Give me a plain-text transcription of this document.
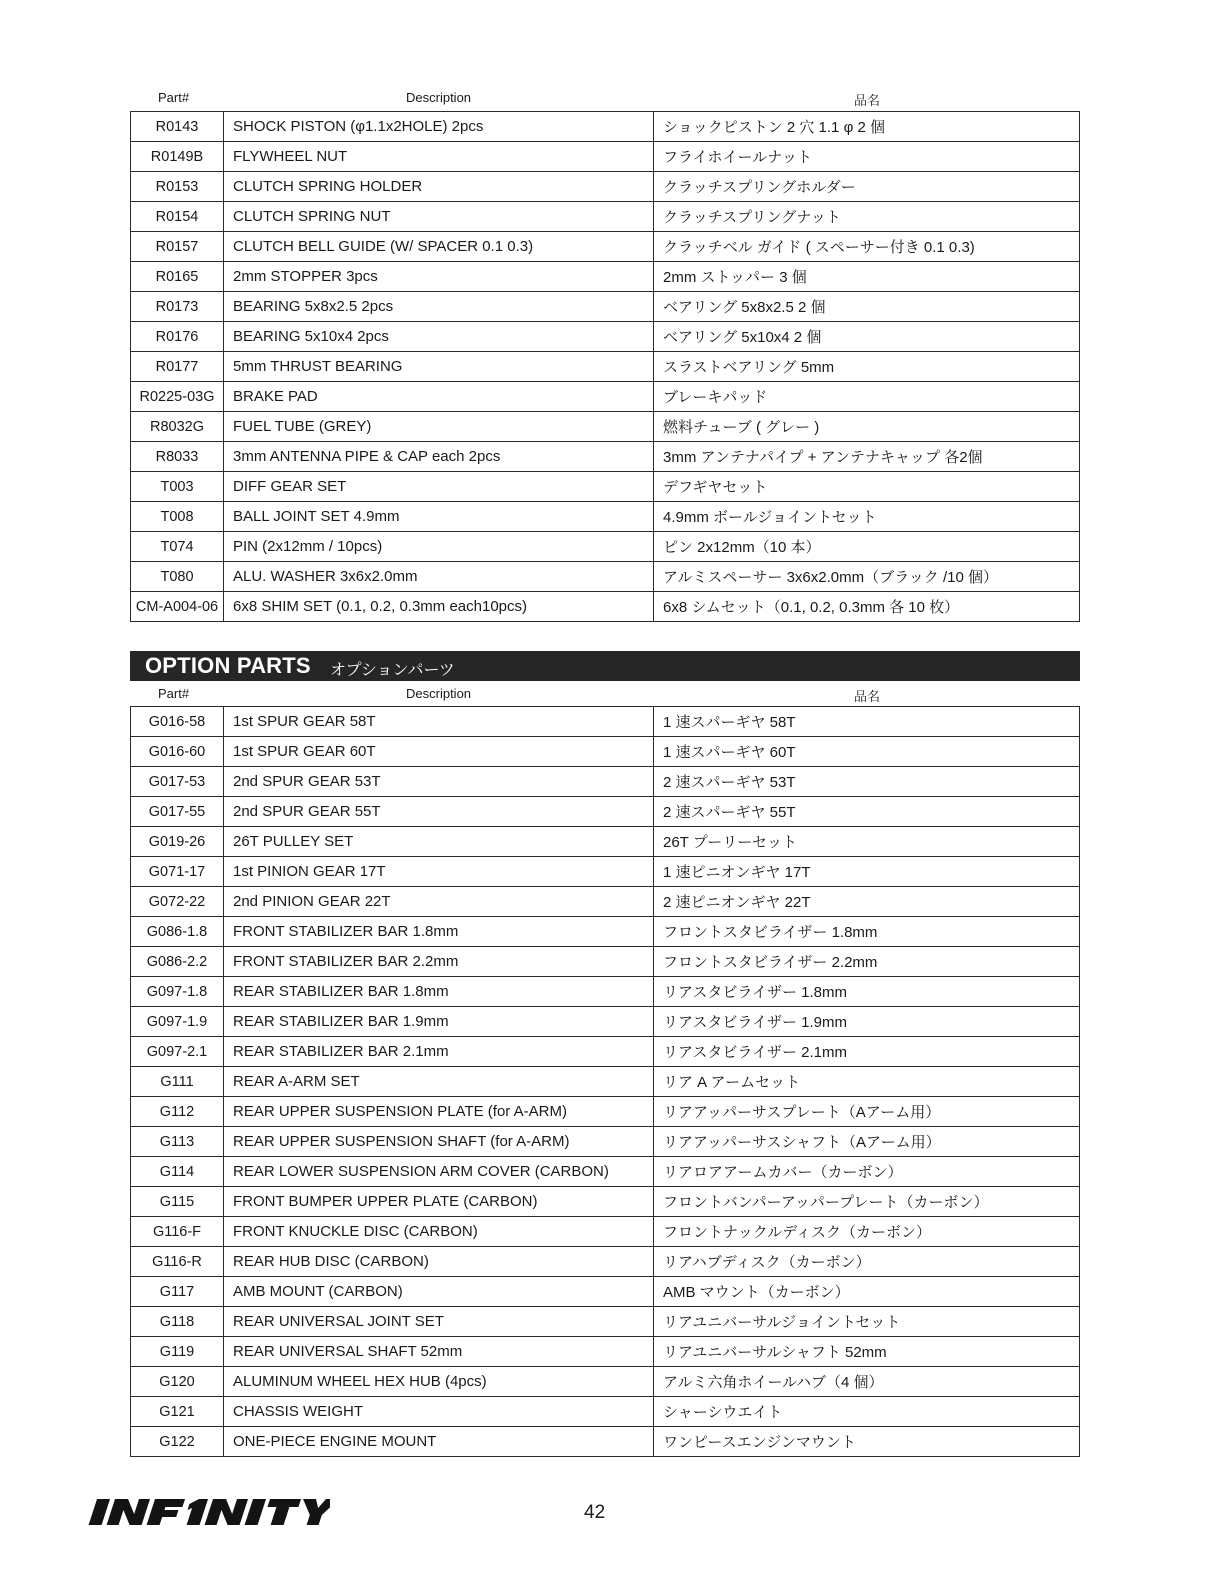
Part#	Description	品名
R0143	SHOCK PISTON (φ1.1x2HOLE) 2pcs	ショックピストン 2 穴 1.1 φ 2 個
R0149B	FLYWHEEL NUT	フライホイールナット
R0153	CLUTCH SPRING HOLDER	クラッチスプリングホルダー
R0154	CLUTCH SPRING NUT	クラッチスプリングナット
R0157	CLUTCH BELL GUIDE (W/ SPACER 0.1 0.3)	クラッチベル ガイド ( スペーサー付き 0.1 0.3)
R0165	2mm STOPPER 3pcs	2mm ストッパー 3 個
R0173	BEARING 5x8x2.5 2pcs	ベアリング 5x8x2.5 2 個
R0176	BEARING 5x10x4 2pcs	ベアリング 5x10x4 2 個
R0177	5mm THRUST BEARING	スラストベアリング 5mm
R0225-03G	BRAKE PAD	ブレーキパッド
R8032G	FUEL TUBE (GREY)	燃料チューブ ( グレー )
R8033	3mm ANTENNA PIPE & CAP each 2pcs	3mm アンテナパイプ + アンテナキャップ 各2個
T003	DIFF GEAR SET	デフギヤセット
T008	BALL JOINT SET 4.9mm	4.9mm ボールジョイントセット
T074	PIN (2x12mm / 10pcs)	ピン 2x12mm（10 本）
T080	ALU. WASHER 3x6x2.0mm	アルミスペーサー 3x6x2.0mm（ブラック /10 個）
CM-A004-06	6x8 SHIM SET (0.1, 0.2, 0.3mm each10pcs)	6x8 シムセット（0.1, 0.2, 0.3mm 各 10 枚）
OPTION PARTS オプションパーツ
Part#	Description	品名
G016-58	1st SPUR GEAR 58T	1 速スパーギヤ 58T
G016-60	1st SPUR GEAR 60T	1 速スパーギヤ 60T
G017-53	2nd SPUR GEAR 53T	2 速スパーギヤ 53T
G017-55	2nd SPUR GEAR 55T	2 速スパーギヤ 55T
G019-26	26T PULLEY SET	26T プーリーセット
G071-17	1st PINION GEAR 17T	1 速ピニオンギヤ 17T
G072-22	2nd PINION GEAR 22T	2 速ピニオンギヤ 22T
G086-1.8	FRONT STABILIZER BAR 1.8mm	フロントスタビライザー 1.8mm
G086-2.2	FRONT STABILIZER BAR 2.2mm	フロントスタビライザー 2.2mm
G097-1.8	REAR STABILIZER BAR 1.8mm	リアスタビライザー 1.8mm
G097-1.9	REAR STABILIZER BAR 1.9mm	リアスタビライザー 1.9mm
G097-2.1	REAR STABILIZER BAR 2.1mm	リアスタビライザー 2.1mm
G111	REAR A-ARM SET	リア A アームセット
G112	REAR UPPER SUSPENSION PLATE (for A-ARM)	リアアッパーサスプレート（Aアーム用）
G113	REAR UPPER SUSPENSION SHAFT (for A-ARM)	リアアッパーサスシャフト（Aアーム用）
G114	REAR LOWER SUSPENSION ARM COVER (CARBON)	リアロアアームカバー（カーボン）
G115	FRONT BUMPER UPPER PLATE (CARBON)	フロントバンパーアッパープレート（カーボン）
G116-F	FRONT KNUCKLE DISC (CARBON)	フロントナックルディスク（カーボン）
G116-R	REAR HUB DISC (CARBON)	リアハブディスク（カーボン）
G117	AMB MOUNT (CARBON)	AMB マウント（カーボン）
G118	REAR UNIVERSAL JOINT SET	リアユニバーサルジョイントセット
G119	REAR UNIVERSAL SHAFT 52mm	リアユニバーサルシャフト 52mm
G120	ALUMINUM WHEEL HEX HUB (4pcs)	アルミ六角ホイールハブ（4 個）
G121	CHASSIS WEIGHT	シャーシウエイト
G122	ONE-PIECE ENGINE MOUNT	ワンピースエンジンマウント
42
